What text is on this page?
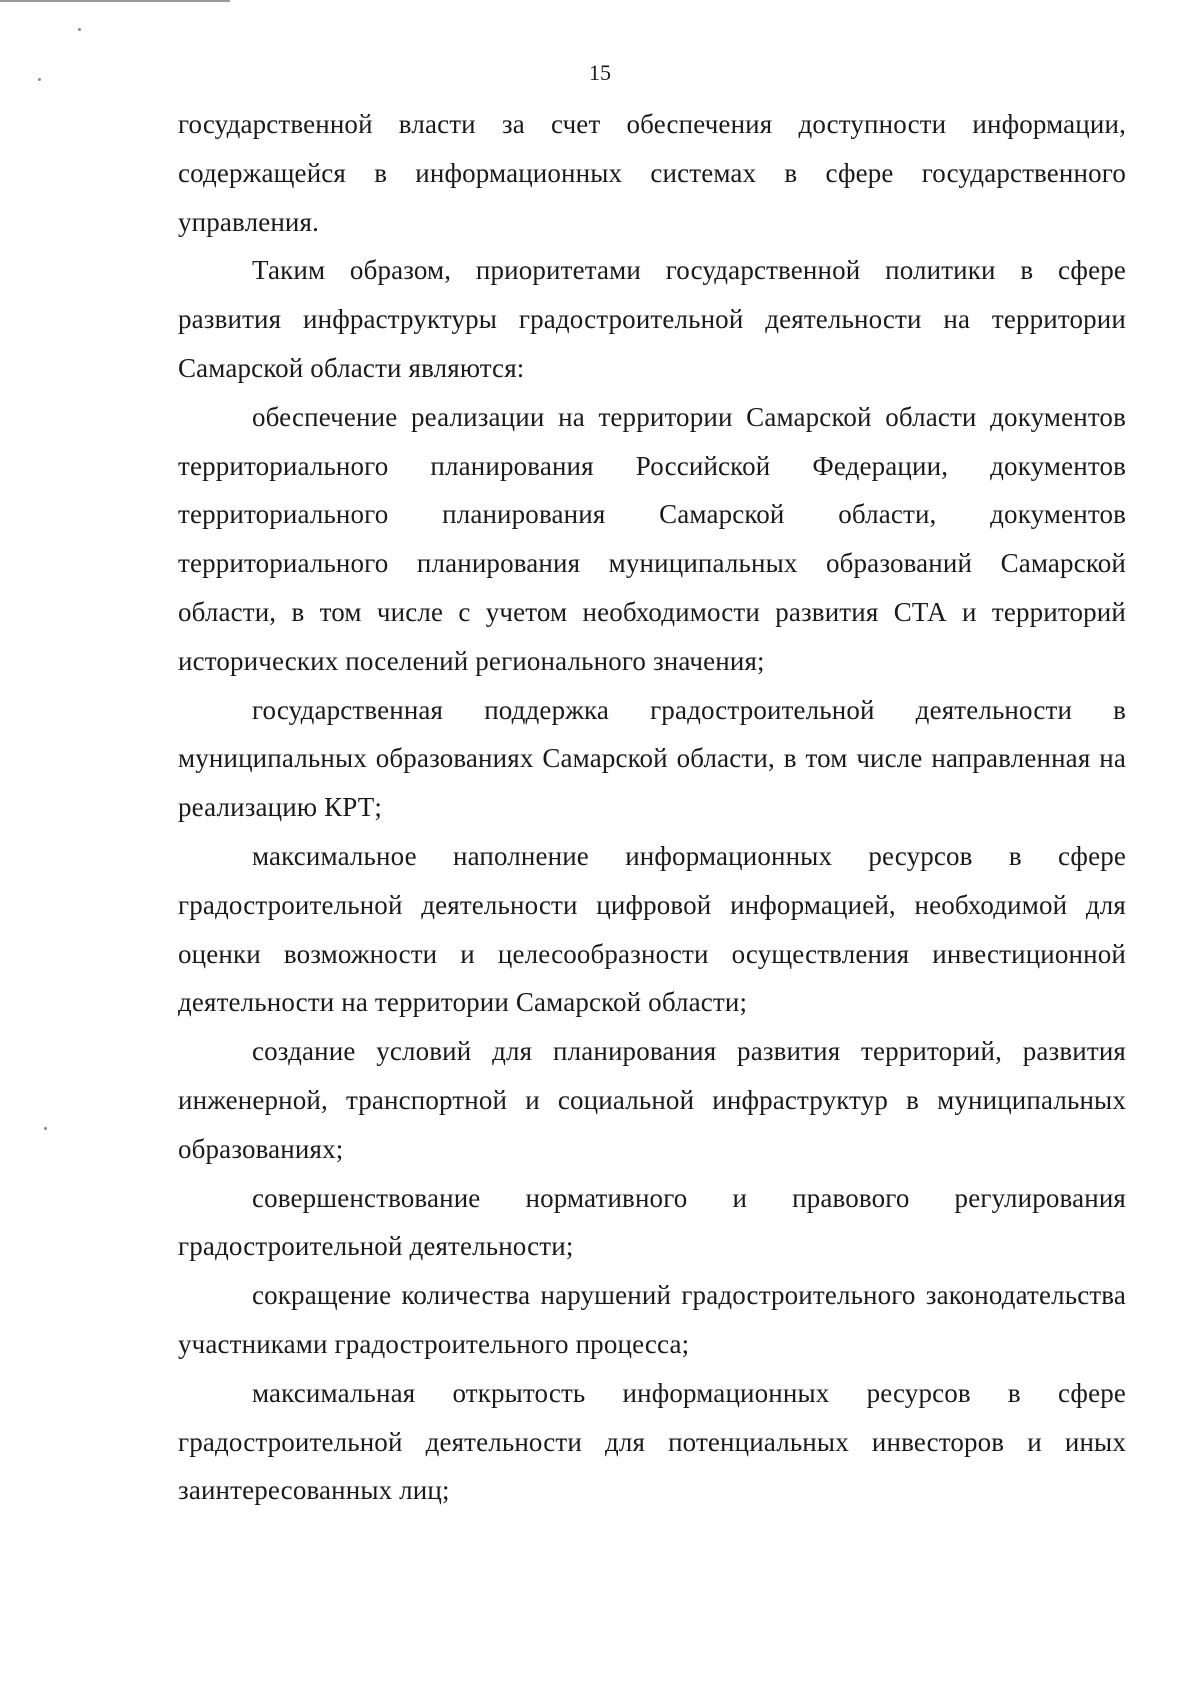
15

государственной власти за счет обеспечения доступности информации, содержащейся в информационных системах в сфере государственного управления.

Таким образом, приоритетами государственной политики в сфере развития инфраструктуры градостроительной деятельности на территории Самарской области являются:

обеспечение реализации на территории Самарской области документов территориального планирования Российской Федерации, документов территориального планирования Самарской области, документов территориального планирования муниципальных образований Самарской области, в том числе с учетом необходимости развития СТА и территорий исторических поселений регионального значения;

государственная поддержка градостроительной деятельности в муниципальных образованиях Самарской области, в том числе направленная на реализацию КРТ;

максимальное наполнение информационных ресурсов в сфере градостроительной деятельности цифровой информацией, необходимой для оценки возможности и целесообразности осуществления инвестиционной деятельности на территории Самарской области;

создание условий для планирования развития территорий, развития инженерной, транспортной и социальной инфраструктур в муниципальных образованиях;

совершенствование нормативного и правового регулирования градостроительной деятельности;

сокращение количества нарушений градостроительного законодательства участниками градостроительного процесса;

максимальная открытость информационных ресурсов в сфере градостроительной деятельности для потенциальных инвесторов и иных заинтересованных лиц;
